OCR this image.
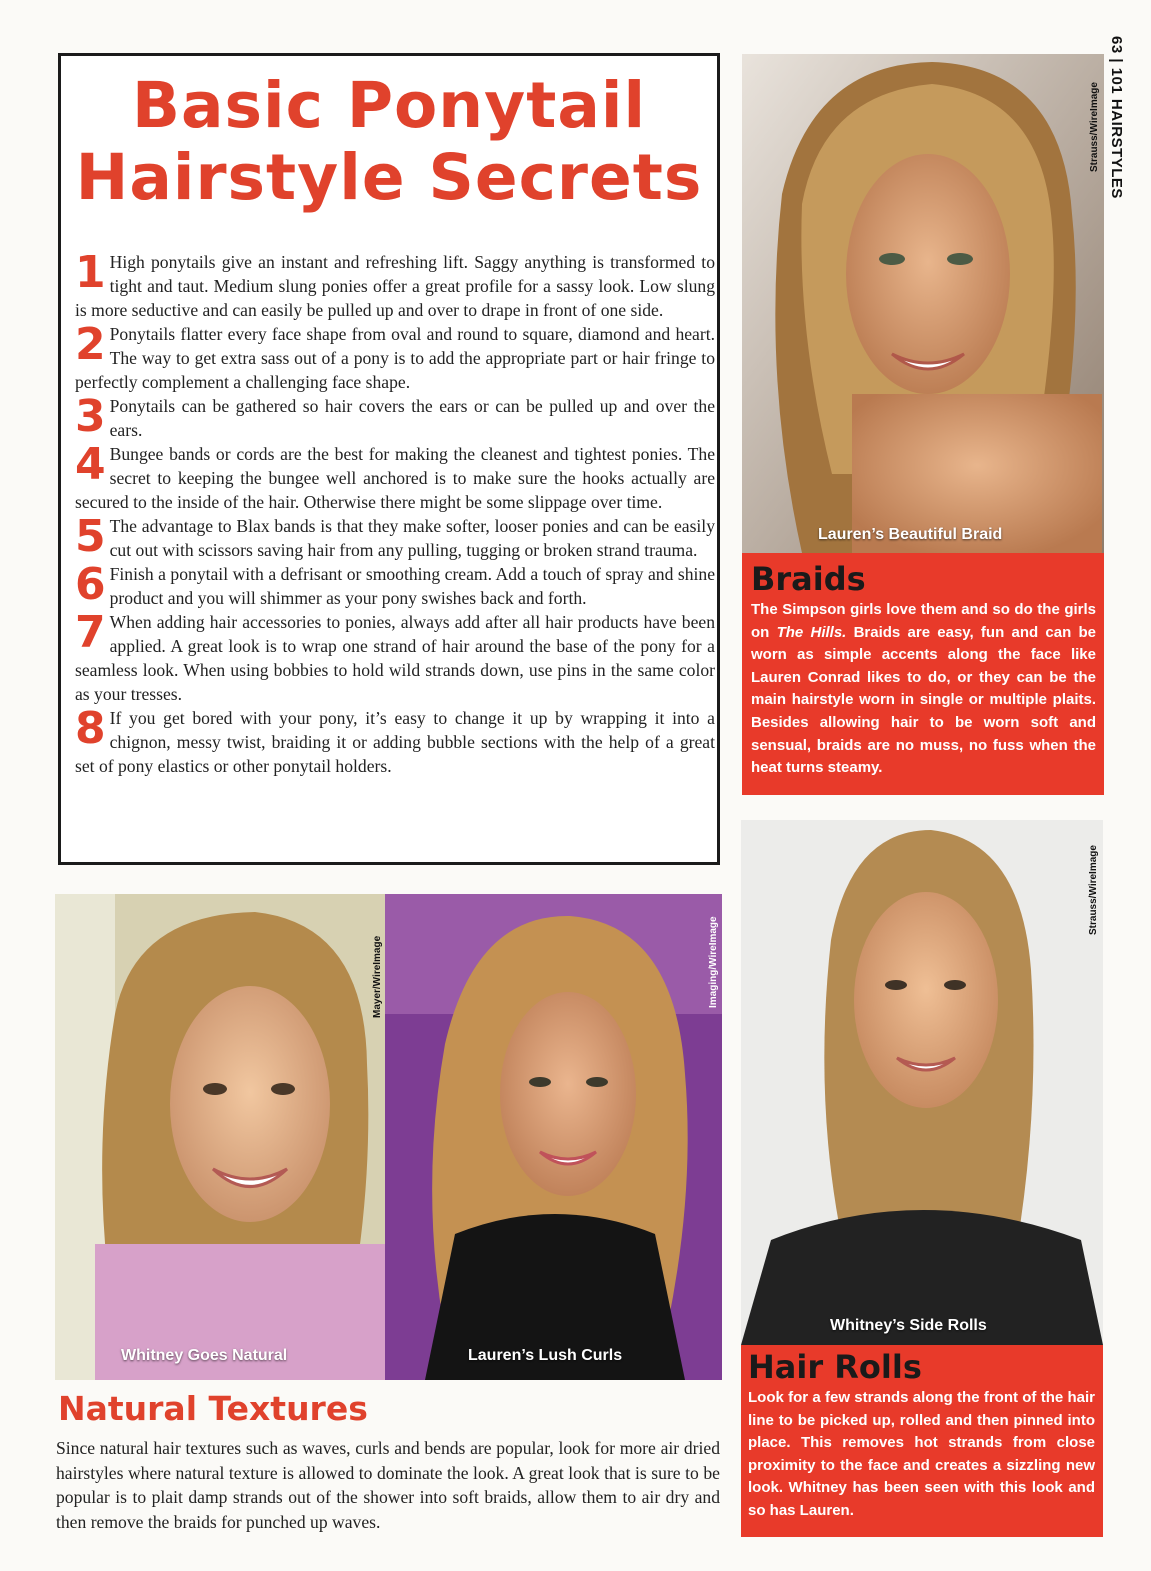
63 | 101 HAIRSTYLES
Basic Ponytail
Hairstyle Secrets

1 High ponytails give an instant and refreshing lift. Saggy anything is transformed to tight and taut. Medium slung ponies offer a great profile for a sassy look. Low slung is more seductive and can easily be pulled up and over to drape in front of one side.

2 Ponytails flatter every face shape from oval and round to square, diamond and heart. The way to get extra sass out of a pony is to add the appropriate part or hair fringe to perfectly complement a challenging face shape.

3 Ponytails can be gathered so hair covers the ears or can be pulled up and over the ears.

4 Bungee bands or cords are the best for making the cleanest and tightest ponies. The secret to keeping the bungee well anchored is to make sure the hooks actually are secured to the inside of the hair. Otherwise there might be some slippage over time.

5 The advantage to Blax bands is that they make softer, looser ponies and can be easily cut out with scissors saving hair from any pulling, tugging or broken strand trauma.

6 Finish a ponytail with a defrisant or smoothing cream. Add a touch of spray and shine product and you will shimmer as your pony swishes back and forth.

7 When adding hair accessories to ponies, always add after all hair products have been applied. A great look is to wrap one strand of hair around the base of the pony for a seamless look. When using bobbies to hold wild strands down, use pins in the same color as your tresses.

8 If you get bored with your pony, it’s easy to change it up by wrapping it into a chignon, messy twist, braiding it or adding bubble sections with the help of a great set of pony elastics or other ponytail holders.

Lauren’s Beautiful Braid
Strauss/WireImage
Braids

The Simpson girls love them and so do the girls on The Hills. Braids are easy, fun and can be worn as simple accents along the face like Lauren Conrad likes to do, or they can be the main hairstyle worn in single or multiple plaits. Besides allowing hair to be worn soft and sensual, braids are no muss, no fuss when the heat turns steamy.

Whitney Goes Natural
Mayer/WireImage
Lauren’s Lush Curls
Imaging/WireImage
Whitney’s Side Rolls
Strauss/WireImage
Hair Rolls

Look for a few strands along the front of the hair line to be picked up, rolled and then pinned into place. This removes hot strands from close proximity to the face and creates a sizzling new look. Whitney has been seen with this look and so has Lauren.

Natural Textures

Since natural hair textures such as waves, curls and bends are popular, look for more air dried hairstyles where natural texture is allowed to dominate the look. A great look that is sure to be popular is to plait damp strands out of the shower into soft braids, allow them to air dry and then remove the braids for punched up waves.
